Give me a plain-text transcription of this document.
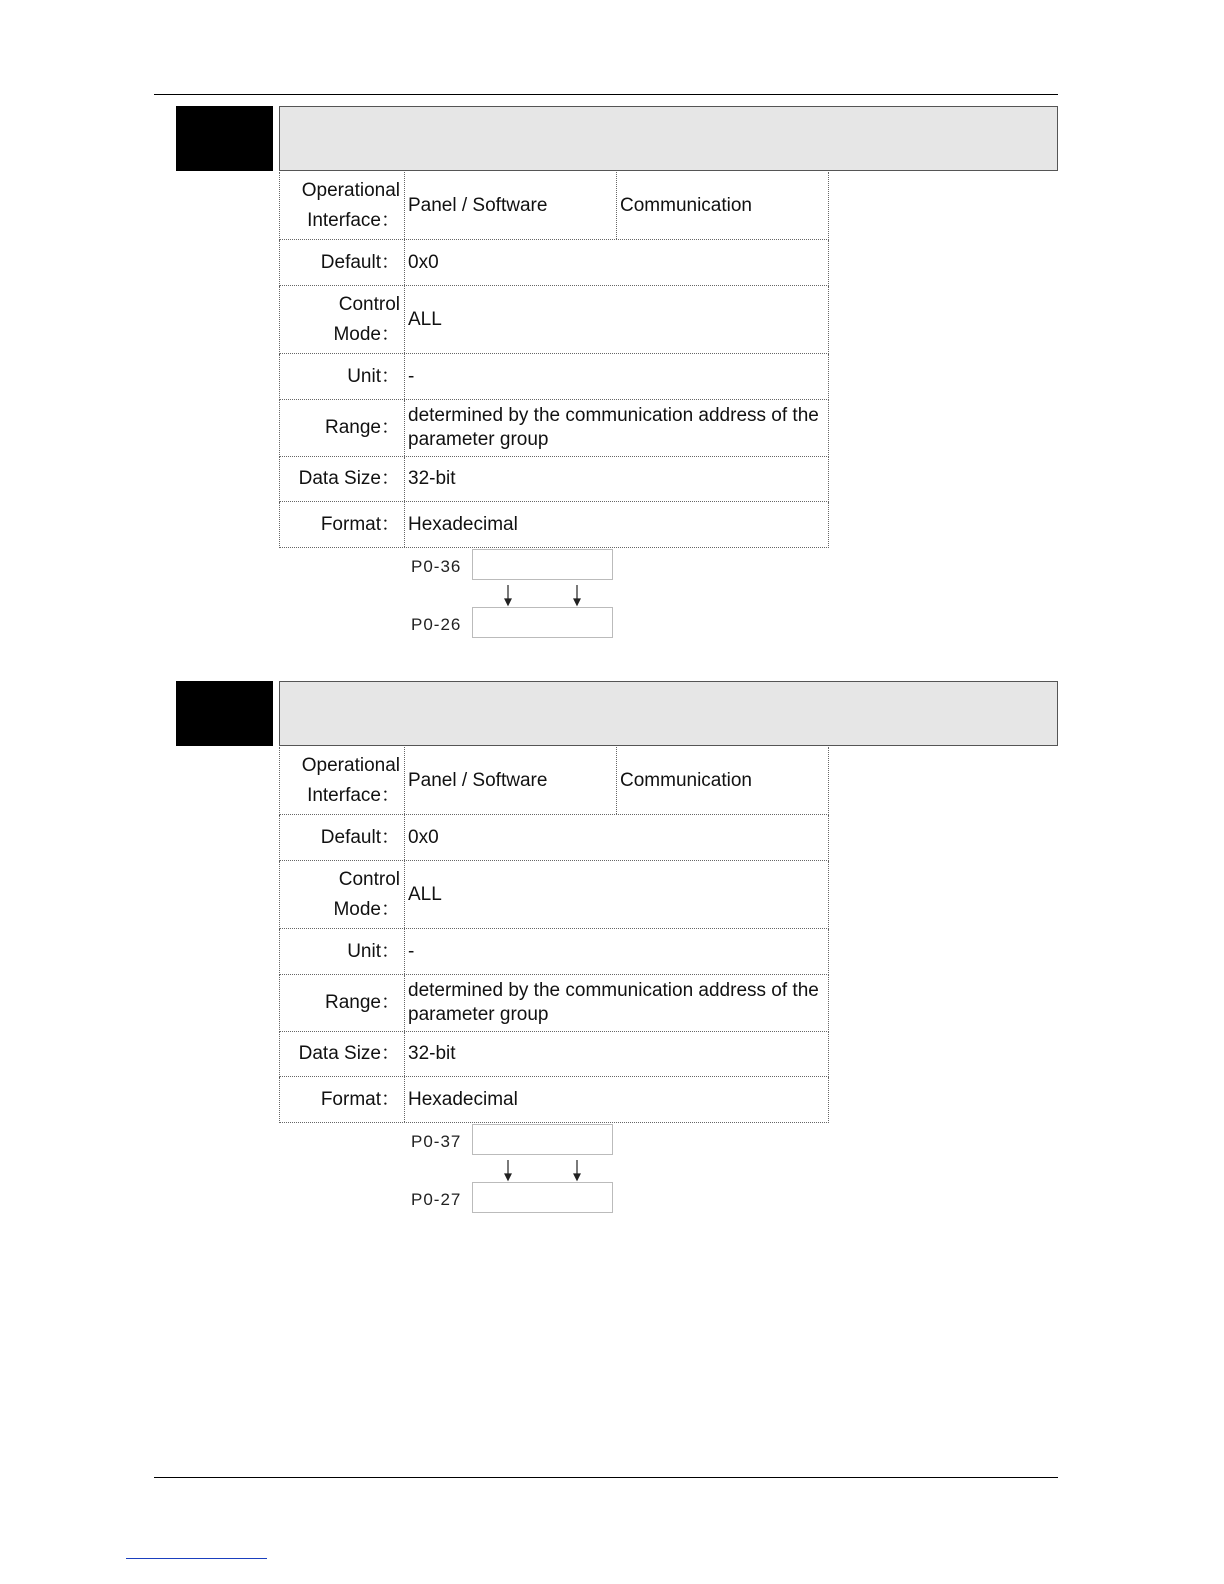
Operational
Interface：
Panel / Software	Communication
Default： 0x0
Control
Mode：
ALL
Unit： -
Range：
determined by the communication address of the parameter group
Data Size： 32-bit
Format： Hexadecimal
P0-36
P0-26
Operational
Interface：
Panel / Software	Communication
Default： 0x0
Control
Mode：
ALL
Unit： -
Range：
determined by the communication address of the parameter group
Data Size： 32-bit
Format： Hexadecimal
P0-37
P0-27
